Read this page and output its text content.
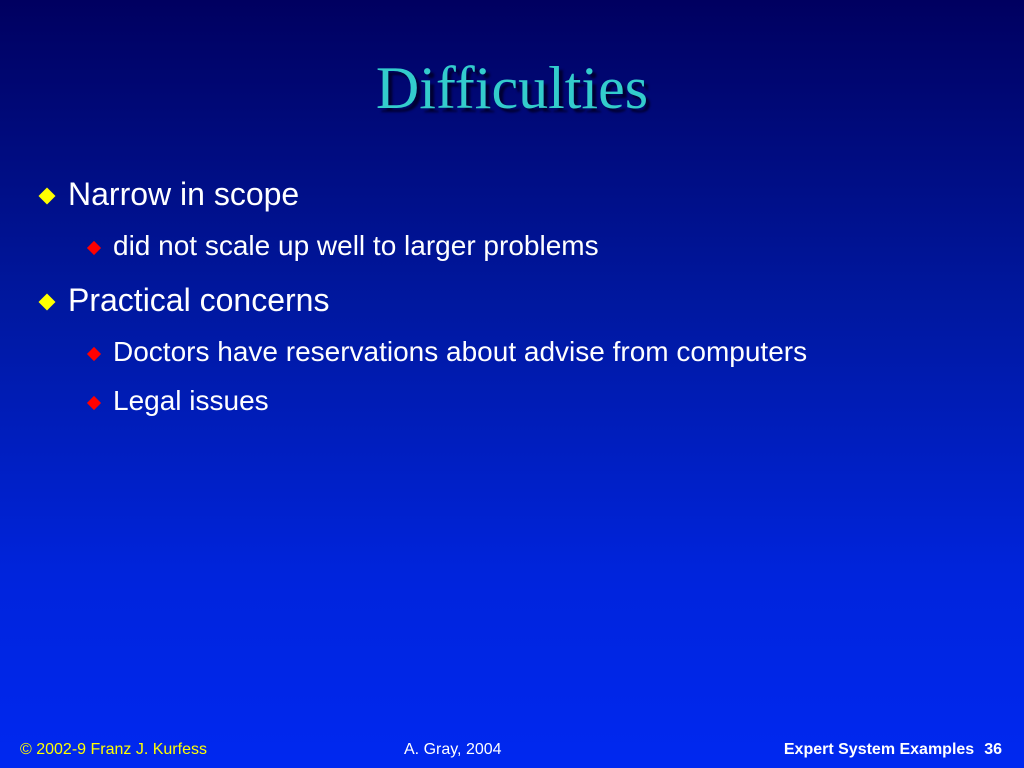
Difficulties
Narrow in scope
did not scale up well to larger problems
Practical concerns
Doctors have reservations about advise from computers
Legal issues
© 2002-9 Franz J. Kurfess	A. Gray, 2004	Expert System Examples 36
